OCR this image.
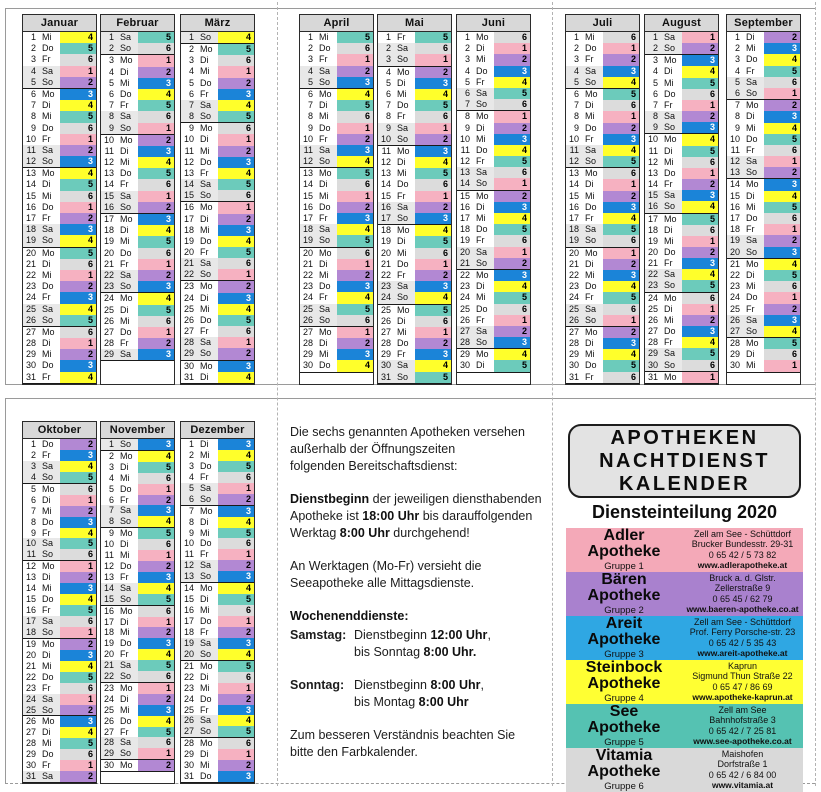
Januar
1 Mi	4
2 Do	5
3 Fr	6
4 Sa	1
5 So	2
6 Mo	3
7 Di	4
8 Mi	5
9 Do	6
10 Fr	1
11 Sa	2
12 So	3
13 Mo	4
14 Di	5
15 Mi	6
16 Do	1
17 Fr	2
18 Sa	3
19 So	4
20 Mo	5
21 Di	6
22 Mi	1
23 Do	2
24 Fr	3
25 Sa	4
26 So	5
27 Mo	6
28 Di	1
29 Mi	2
30 Do	3
31 Fr	4
Februar
1 Sa	5
2 So	6
3 Mo	1
4 Di	2
5 Mi	3
6 Do	4
7 Fr	5
8 Sa	6
9 So	1
10 Mo	2
11 Di	3
12 Mi	4
13 Do	5
14 Fr	6
15 Sa	1
16 So	2
17 Mo	3
18 Di	4
19 Mi	5
20 Do	6
21 Fr	1
22 Sa	2
23 So	3
24 Mo	4
25 Di	5
26 Mi	6
27 Do	1
28 Fr	2
29 Sa	3
März
1 So	4
2 Mo	5
3 Di	6
4 Mi	1
5 Do	2
6 Fr	3
7 Sa	4
8 So	5
9 Mo	6
10 Di	1
11 Mi	2
12 Do	3
13 Fr	4
14 Sa	5
15 So	6
16 Mo	1
17 Di	2
18 Mi	3
19 Do	4
20 Fr	5
21 Sa	6
22 So	1
23 Mo	2
24 Di	3
25 Mi	4
26 Do	5
27 Fr	6
28 Sa	1
29 So	2
30 Mo	3
31 Di	4
April
1 Mi	5
2 Do	6
3 Fr	1
4 Sa	2
5 So	3
6 Mo	4
7 Di	5
8 Mi	6
9 Do	1
10 Fr	2
11 Sa	3
12 So	4
13 Mo	5
14 Di	6
15 Mi	1
16 Do	2
17 Fr	3
18 Sa	4
19 So	5
20 Mo	6
21 Di	1
22 Mi	2
23 Do	3
24 Fr	4
25 Sa	5
26 So	6
27 Mo	1
28 Di	2
29 Mi	3
30 Do	4
Mai
1 Fr	5
2 Sa	6
3 So	1
4 Mo	2
5 Di	3
6 Mi	4
7 Do	5
8 Fr	6
9 Sa	1
10 So	2
11 Mo	3
12 Di	4
13 Mi	5
14 Do	6
15 Fr	1
16 Sa	2
17 So	3
18 Mo	4
19 Di	5
20 Mi	6
21 Do	1
22 Fr	2
23 Sa	3
24 So	4
25 Mo	5
26 Di	6
27 Mi	1
28 Do	2
29 Fr	3
30 Sa	4
31 So	5
Juni
1 Mo	6
2 Di	1
3 Mi	2
4 Do	3
5 Fr	4
6 Sa	5
7 So	6
8 Mo	1
9 Di	2
10 Mi	3
11 Do	4
12 Fr	5
13 Sa	6
14 So	1
15 Mo	2
16 Di	3
17 Mi	4
18 Do	5
19 Fr	6
20 Sa	1
21 So	2
22 Mo	3
23 Di	4
24 Mi	5
25 Do	6
26 Fr	1
27 Sa	2
28 So	3
29 Mo	4
30 Di	5
Juli
1 Mi	6
2 Do	1
3 Fr	2
4 Sa	3
5 So	4
6 Mo	5
7 Di	6
8 Mi	1
9 Do	2
10 Fr	3
11 Sa	4
12 So	5
13 Mo	6
14 Di	1
15 Mi	2
16 Do	3
17 Fr	4
18 Sa	5
19 So	6
20 Mo	1
21 Di	2
22 Mi	3
23 Do	4
24 Fr	5
25 Sa	6
26 So	1
27 Mo	2
28 Di	3
29 Mi	4
30 Do	5
31 Fr	6
August
1 Sa	1
2 So	2
3 Mo	3
4 Di	4
5 Mi	5
6 Do	6
7 Fr	1
8 Sa	2
9 So	3
10 Mo	4
11 Di	5
12 Mi	6
13 Do	1
14 Fr	2
15 Sa	3
16 So	4
17 Mo	5
18 Di	6
19 Mi	1
20 Do	2
21 Fr	3
22 Sa	4
23 So	5
24 Mo	6
25 Di	1
26 Mi	2
27 Do	3
28 Fr	4
29 Sa	5
30 So	6
31 Mo	1
September
1 Di	2
2 Mi	3
3 Do	4
4 Fr	5
5 Sa	6
6 So	1
7 Mo	2
8 Di	3
9 Mi	4
10 Do	5
11 Fr	6
12 Sa	1
13 So	2
14 Mo	3
15 Di	4
16 Mi	5
17 Do	6
18 Fr	1
19 Sa	2
20 So	3
21 Mo	4
22 Di	5
23 Mi	6
24 Do	1
25 Fr	2
26 Sa	3
27 So	4
28 Mo	5
29 Di	6
30 Mi	1
Oktober
1 Do	2
2 Fr	3
3 Sa	4
4 So	5
5 Mo	6
6 Di	1
7 Mi	2
8 Do	3
9 Fr	4
10 Sa	5
11 So	6
12 Mo	1
13 Di	2
14 Mi	3
15 Do	4
16 Fr	5
17 Sa	6
18 So	1
19 Mo	2
20 Di	3
21 Mi	4
22 Do	5
23 Fr	6
24 Sa	1
25 So	2
26 Mo	3
27 Di	4
28 Mi	5
29 Do	6
30 Fr	1
31 Sa	2
November
1 So	3
2 Mo	4
3 Di	5
4 Mi	6
5 Do	1
6 Fr	2
7 Sa	3
8 So	4
9 Mo	5
10 Di	6
11 Mi	1
12 Do	2
13 Fr	3
14 Sa	4
15 So	5
16 Mo	6
17 Di	1
18 Mi	2
19 Do	3
20 Fr	4
21 Sa	5
22 So	6
23 Mo	1
24 Di	2
25 Mi	3
26 Do	4
27 Fr	5
28 Sa	6
29 So	1
30 Mo	2
Dezember
1 Di	3
2 Mi	4
3 Do	5
4 Fr	6
5 Sa	1
6 So	2
7 Mo	3
8 Di	4
9 Mi	5
10 Do	6
11 Fr	1
12 Sa	2
13 So	3
14 Mo	4
15 Di	5
16 Mi	6
17 Do	1
18 Fr	2
19 Sa	3
20 So	4
21 Mo	5
22 Di	6
23 Mi	1
24 Do	2
25 Fr	3
26 Sa	4
27 So	5
28 Mo	6
29 Di	1
30 Mi	2
31 Do	3

Die sechs genannten Apotheken versehen
außerhalb der Öffnungszeiten
folgenden Bereitschaftsdienst:

Dienstbeginn der jeweiligen diensthabenden
Apotheke ist 18:00 Uhr bis darauffolgenden
Werktag 8:00 Uhr durchgehend!

An Werktagen (Mo-Fr) versieht die
Seeapotheke alle Mittagsdienste.

Wochenenddienste:

Samstag: Dienstbeginn 12:00 Uhr,
bis Sonntag 8:00 Uhr.
Sonntag: Dienstbeginn 8:00 Uhr,
bis Montag 8:00 Uhr

Zum besseren Verständnis beachten Sie
bitte den Farbkalender.

APOTHEKEN
NACHTDIENST
KALENDER
Diensteinteilung 2020
Adler
Apotheke
Gruppe 1
Zell am See - Schüttdorf
Brucker Bundesstr. 29-31
0 65 42 / 5 73 82
www.adlerapotheke.at
Bären
Apotheke
Gruppe 2
Bruck a. d. Glstr.
Zellerstraße 9
0 65 45 / 62 79
www.baeren-apotheke.co.at
Areit
Apotheke
Gruppe 3
Zell am See - Schüttdorf
Prof. Ferry Porsche-str. 23
0 65 42 / 5 35 43
www.areit-apotheke.at
Steinbock
Apotheke
Gruppe 4
Kaprun
Sigmund Thun Straße 22
0 65 47 / 86 69
www.apotheke-kaprun.at
See
Apotheke
Gruppe 5
Zell am See
Bahnhofstraße 3
0 65 42 / 7 25 81
www.see-apotheke.co.at
Vitamia
Apotheke
Gruppe 6
Maishofen
Dorfstraße 1
0 65 42 / 6 84 00
www.vitamia.at
